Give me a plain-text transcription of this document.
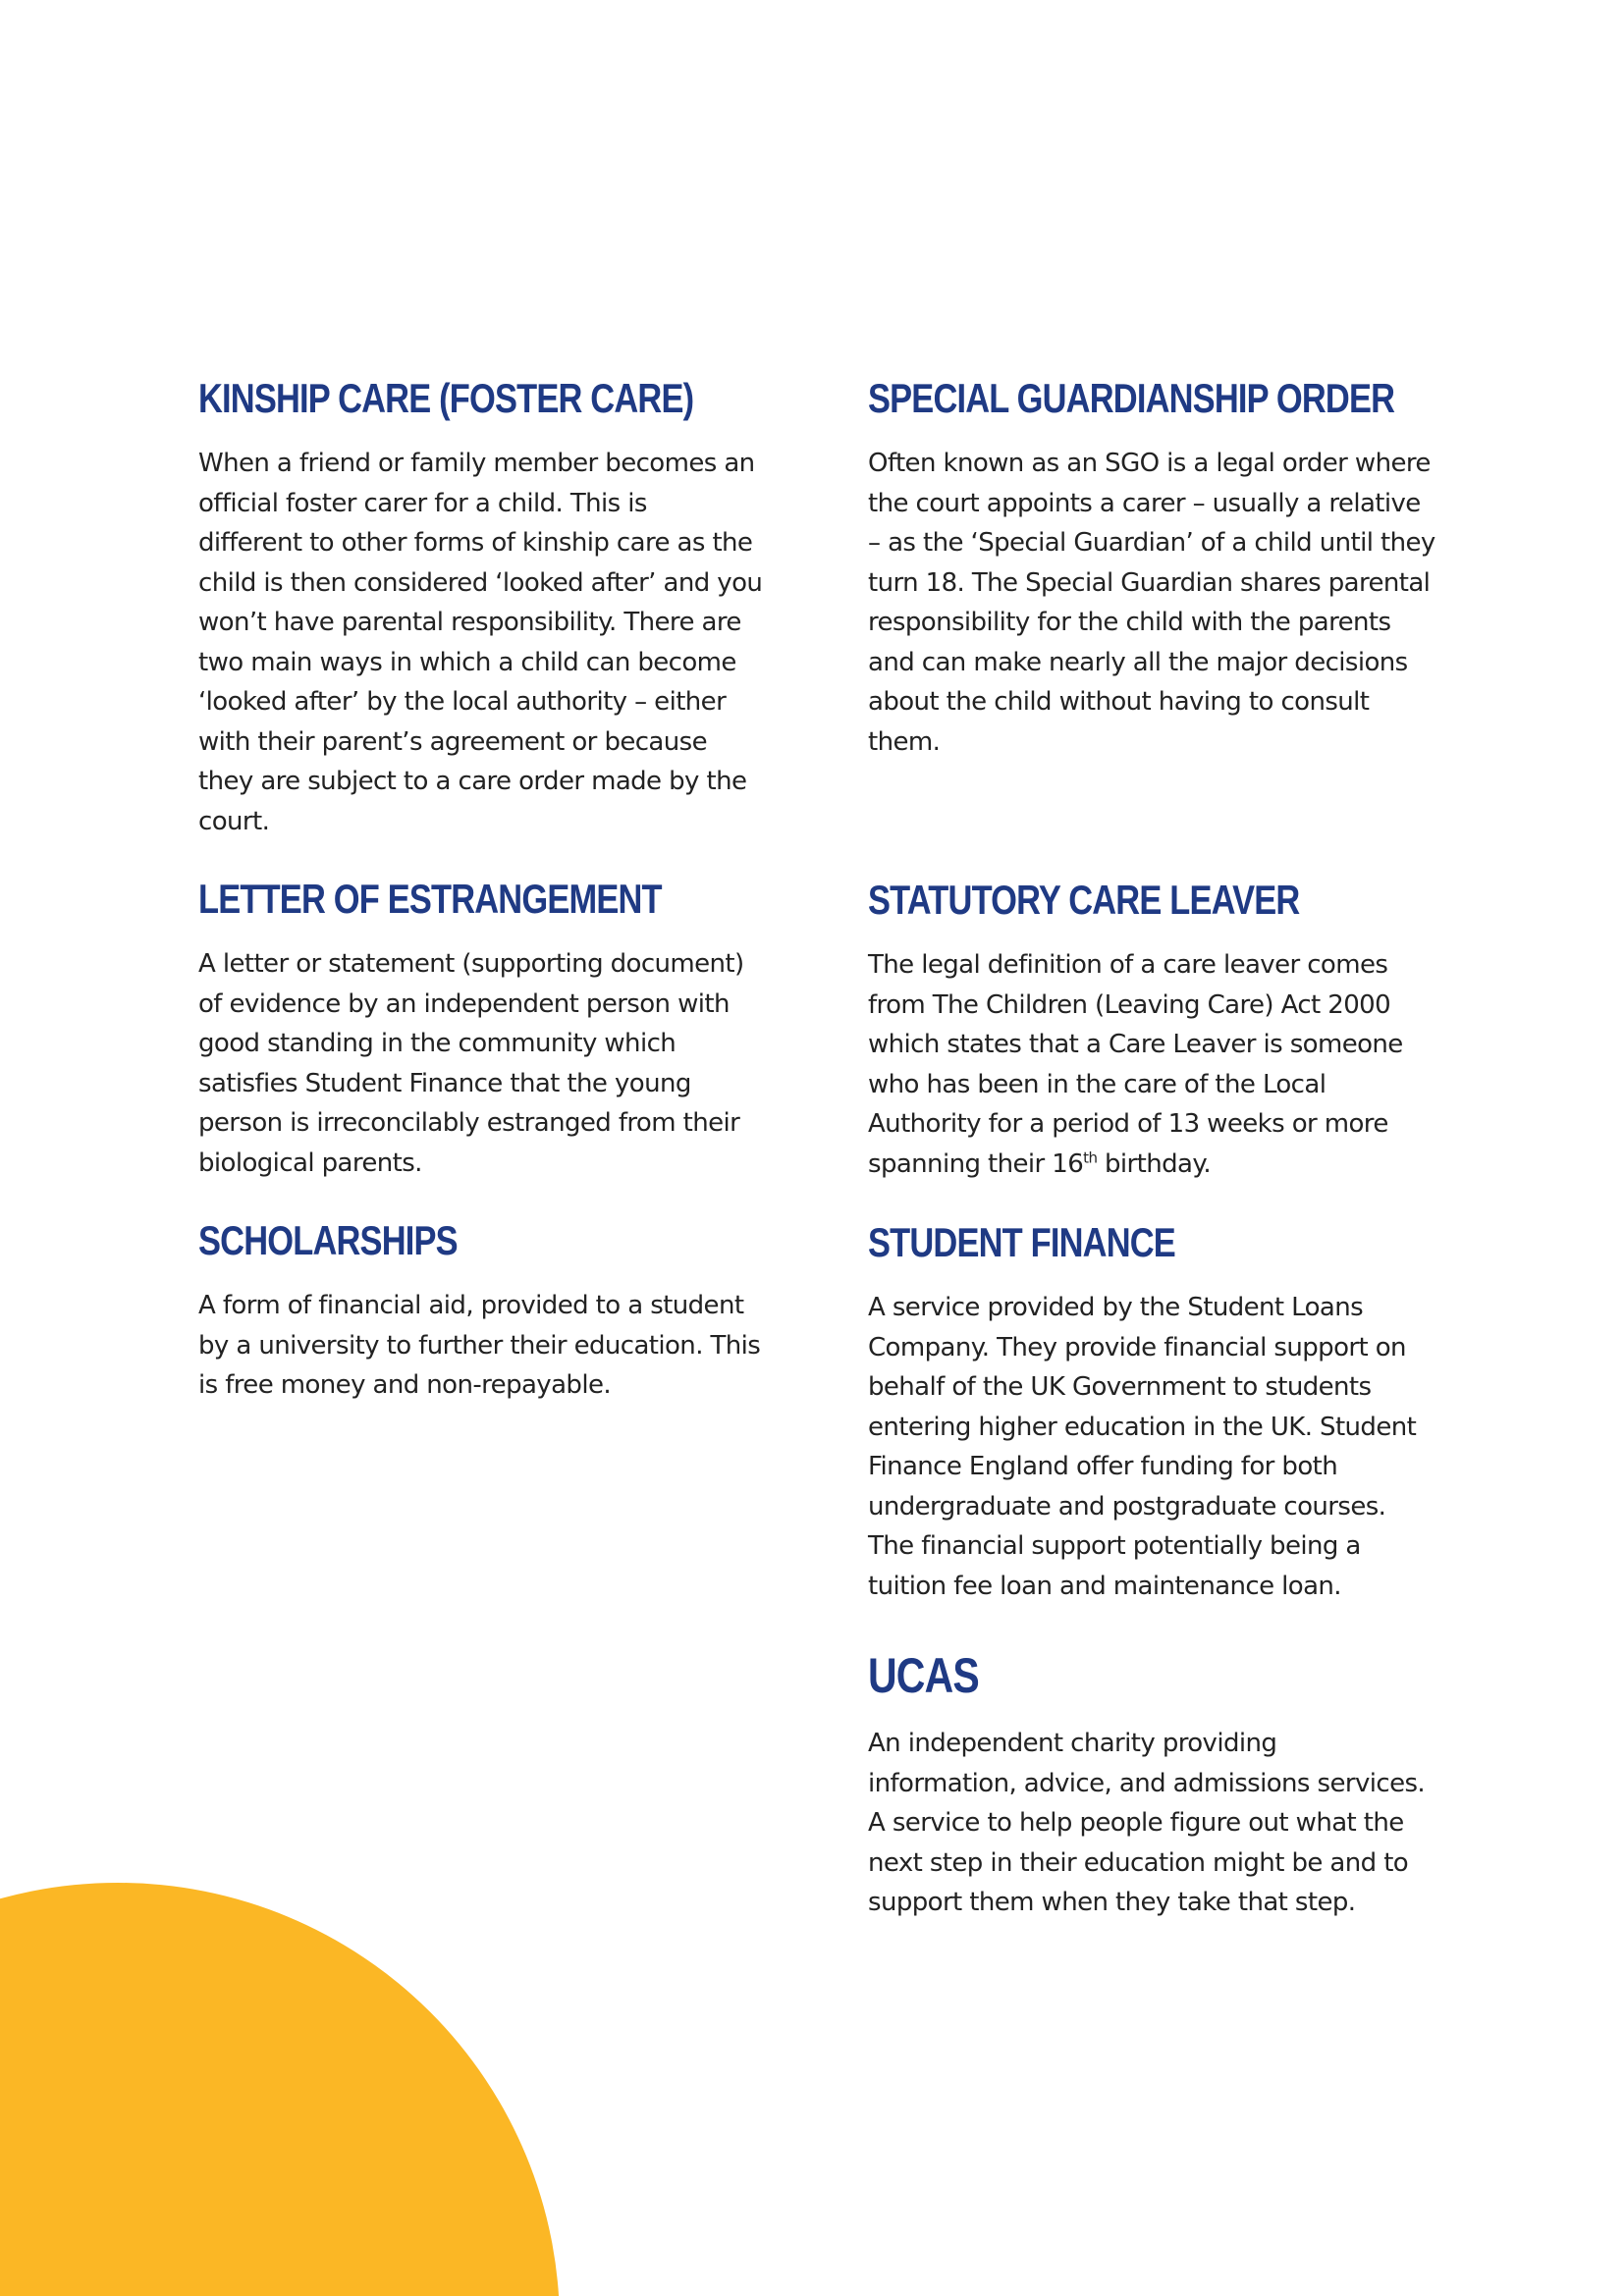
KINSHIP CARE (FOSTER CARE)

When a friend or family member becomes an
official foster carer for a child. This is
different to other forms of kinship care as the
child is then considered ‘looked after’ and you
won’t have parental responsibility. There are
two main ways in which a child can become
‘looked after’ by the local authority – either
with their parent’s agreement or because
they are subject to a care order made by the
court.

LETTER OF ESTRANGEMENT

A letter or statement (supporting document)
of evidence by an independent person with
good standing in the community which
satisfies Student Finance that the young
person is irreconcilably estranged from their
biological parents.

SCHOLARSHIPS

A form of financial aid, provided to a student
by a university to further their education. This
is free money and non-repayable.

SPECIAL GUARDIANSHIP ORDER

Often known as an SGO is a legal order where
the court appoints a carer – usually a relative
– as the ‘Special Guardian’ of a child until they
turn 18. The Special Guardian shares parental
responsibility for the child with the parents
and can make nearly all the major decisions
about the child without having to consult
them.

STATUTORY CARE LEAVER

The legal definition of a care leaver comes
from The Children (Leaving Care) Act 2000
which states that a Care Leaver is someone
who has been in the care of the Local
Authority for a period of 13 weeks or more
spanning their 16th birthday.

STUDENT FINANCE

A service provided by the Student Loans
Company. They provide financial support on
behalf of the UK Government to students
entering higher education in the UK. Student
Finance England offer funding for both
undergraduate and postgraduate courses.
The financial support potentially being a
tuition fee loan and maintenance loan.

UCAS

An independent charity providing
information, advice, and admissions services.
A service to help people figure out what the
next step in their education might be and to
support them when they take that step.
